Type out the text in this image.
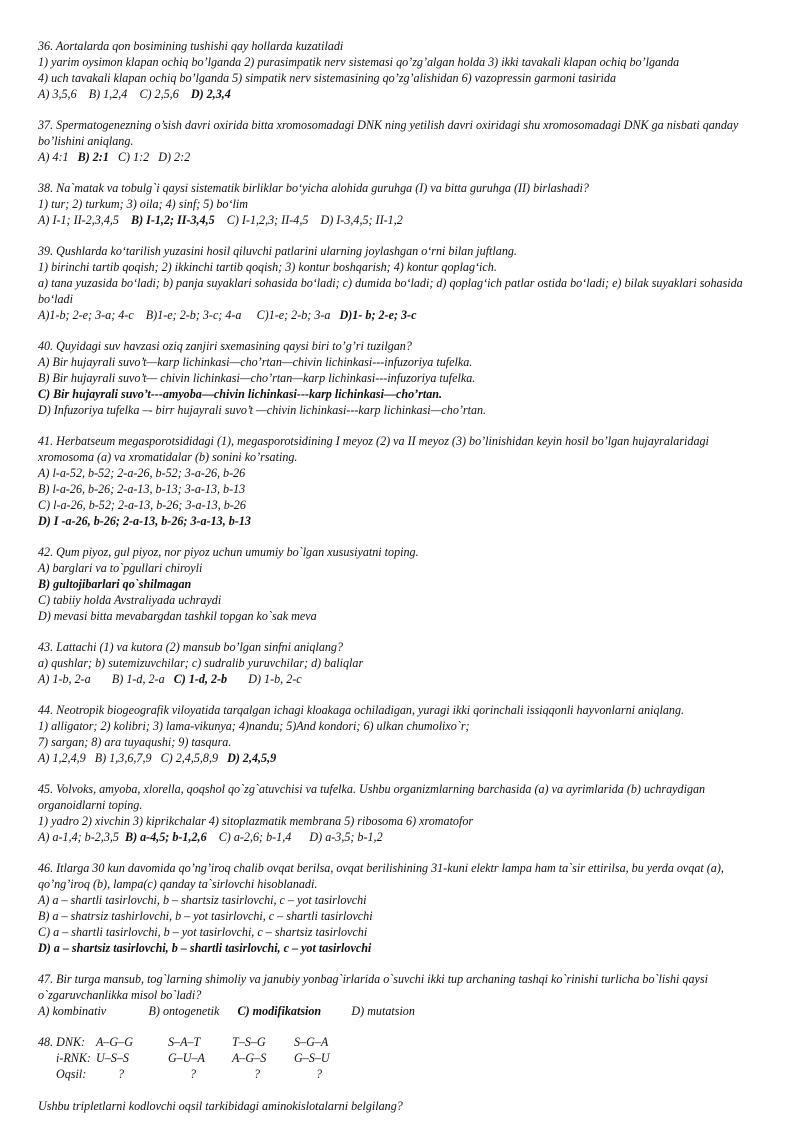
36. Aortalarda qon bosimining tushishi qay hollarda kuzatiladi
1) yarim oysimon klapan ochiq bo’lganda 2) purasimpatik nerv sistemasi qo’zg’algan holda 3) ikki tavakali klapan ochiq bo’lganda
4) uch tavakali klapan ochiq bo’lganda 5) simpatik nerv sistemasining qo’zg’alishidan 6) vazopressin garmoni tasirida
A) 3,5,6    B) 1,2,4    C) 2,5,6    D) 2,3,4
37. Spermatogenezning o’sish davri oxirida bitta xromosomadagi DNK ning yetilish davri oxiridagi shu xromosomadagi DNK ga nisbati qanday bo’lishini aniqlang.
A) 4:1   B) 2:1   C) 1:2   D) 2:2
38. Na`matak va tobulg`i qaysi sistematik birliklar bo‘yicha alohida guruhga (I) va bitta guruhga (II) birlashadi?
1) tur; 2) turkum; 3) oila; 4) sinf; 5) bo‘lim
A) I-1; II-2,3,4,5    B) I-1,2; II-3,4,5    C) I-1,2,3; II-4,5    D) I-3,4,5; II-1,2
39. Qushlarda ko‘tarilish yuzasini hosil qiluvchi patlarini ularning joylashgan o‘rni bilan juftlang.
1) birinchi tartib qoqish; 2) ikkinchi tartib qoqish; 3) kontur boshqarish; 4) kontur qoplag‘ich.
a) tana yuzasida bo‘ladi; b) panja suyaklari sohasida bo‘ladi; c) dumida bo‘ladi; d) qoplag‘ich patlar ostida bo‘ladi; e) bilak suyaklari sohasida bo‘ladi
A)1-b; 2-e; 3-a; 4-c    B)1-e; 2-b; 3-c; 4-a     C)1-e; 2-b; 3-a   D)1- b; 2-e; 3-c
40. Quyidagi suv havzasi oziq zanjiri sxemasining qaysi biri to’g’ri tuzilgan?
A) Bir hujayrali suvo’t—karp lichinkasi—cho’rtan—chivin lichinkasi---infuzoriya tufelka.
B) Bir hujayrali suvo’t— chivin lichinkasi—cho’rtan—karp lichinkasi---infuzoriya tufelka.
C) Bir hujayrali suvo’t---amyoba—chivin lichinkasi---karp lichinkasi—cho’rtan.
D) Infuzoriya tufelka –- birr hujayrali suvo’t —chivin lichinkasi---karp lichinkasi—cho’rtan.
41. Herbatseum megasporotsididagi (1), megasporotsidining I meyoz (2) va II meyoz (3) bo’linishidan keyin hosil bo’lgan hujayralaridagi xromosoma (a) va xromatidalar (b) sonini ko’rsating.
A) l-a-52, b-52; 2-a-26, b-52; 3-a-26, b-26
B) l-a-26, b-26; 2-a-13, b-13; 3-a-13, b-13
C) l-a-26, b-52; 2-a-13, b-26; 3-a-13, b-26
D) I -a-26, b-26; 2-a-13, b-26; 3-a-13, b-13
42. Qum piyoz, gul piyoz, nor piyoz uchun umumiy bo`lgan xususiyatni toping.
A) barglari va to`pgullari chiroyli
B) gultojibarlari qo`shilmagan
C) tabiiy holda Avstraliyada uchraydi
D) mevasi bitta mevabargdan tashkil topgan ko`sak meva
43. Lattachi (1) va kutora (2) mansub bo’lgan sinfni aniqlang?
a) qushlar; b) sutemizuvchilar; c) sudralib yuruvchilar; d) baliqlar
A) 1-b, 2-a       B) 1-d, 2-a   C) 1-d, 2-b       D) 1-b, 2-c
44. Neotropik biogeografik viloyatida tarqalgan ichagi kloakaga ochiladigan, yuragi ikki qorinchali issiqqonli hayvonlarni aniqlang.
1) alligator; 2) kolibri; 3) lama-vikunya; 4)nandu; 5)And kondori; 6) ulkan chumolixo`r;
7) sargan; 8) ara tuyaqushi; 9) tasqura.
A) 1,2,4,9   B) 1,3,6,7,9   C) 2,4,5,8,9   D) 2,4,5,9
45. Volvoks, amyoba, xlorella, qoqshol qo`zg`atuvchisi va tufelka. Ushbu organizmlarning barchasida (a) va ayrimlarida (b) uchraydigan organoidlarni toping.
1) yadro 2) xivchin 3) kiprikchalar 4) sitoplazmatik membrana 5) ribosoma 6) xromatofor
A) a-1,4; b-2,3,5  B) a-4,5; b-1,2,6    C) a-2,6; b-1,4      D) a-3,5; b-1,2
46. Itlarga 30 kun davomida qo’ng’iroq chalib ovqat berilsa, ovqat berilishining 31-kuni elektr lampa ham ta`sir ettirilsa, bu yerda ovqat (a), qo’ng’iroq (b), lampa(c) qanday ta`sirlovchi hisoblanadi.
A) a – shartli tasirlovchi, b – shartsiz tasirlovchi, c – yot tasirlovchi
B) a – shatrsiz tashirlovchi, b – yot tasirlovchi, c – shartli tasirlovchi
C) a – shartli tasirlovchi, b – yot tasirlovchi, c – shartsiz tasirlovchi
D) a – shartsiz tasirlovchi, b – shartli tasirlovchi, c – yot tasirlovchi
47. Bir turga mansub, tog`larning shimoliy va janubiy yonbag`irlarida o`suvchi ikki tup archaning tashqi ko`rinishi turlicha bo`lishi qaysi o`zgaruvchanlikka misol bo`ladi?
A) kombinativ              B) ontogenetik      C) modifikatsion          D) mutatsion
48. DNK: A–G–G	S–A–T	T–S–G	S–G–A
i-RNK: U–S–S	G–U–A	A–G–S	G–S–U
Oqsil:	?	?	?	?
Ushbu tripletlarni kodlovchi oqsil tarkibidagi aminokislotalarni belgilang?
